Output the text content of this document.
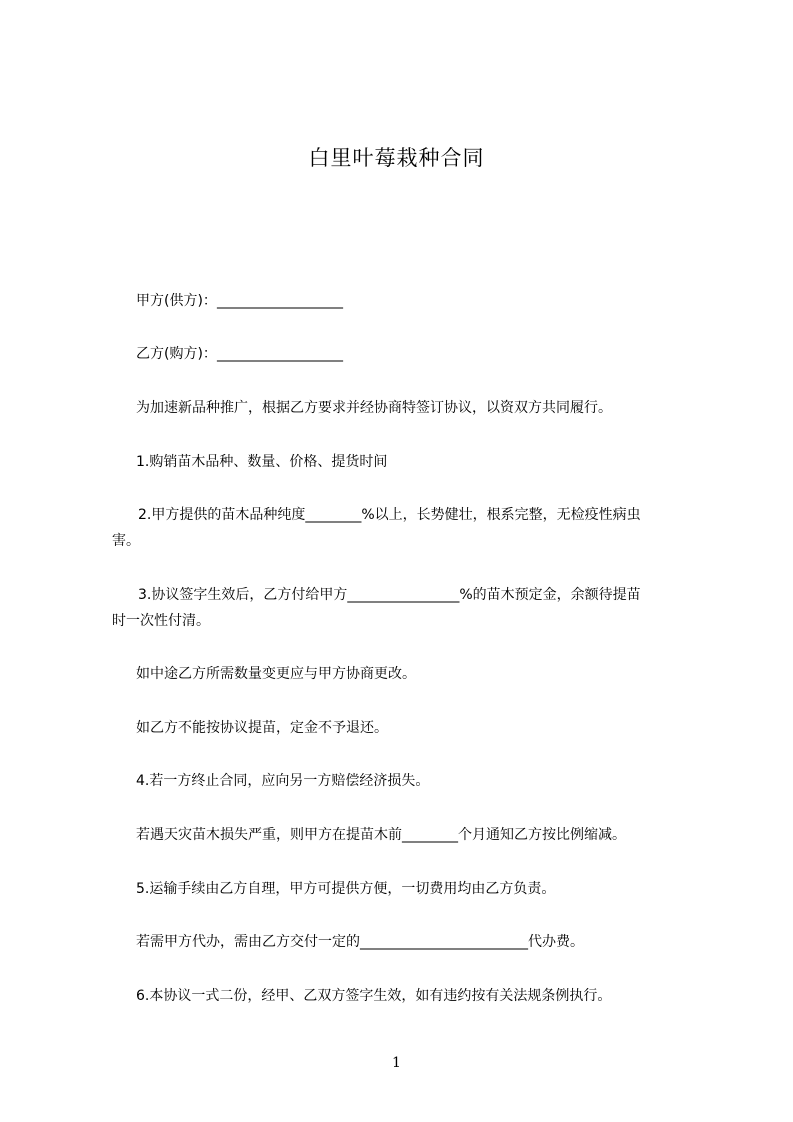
白里叶莓栽种合同
甲方(供方)：__________________
乙方(购方)：__________________
为加速新品种推广，根据乙方要求并经协商特签订协议，以资双方共同履行。
1.购销苗木品种、数量、价格、提货时间
2.甲方提供的苗木品种纯度________%以上，长势健壮，根系完整，无检疫性病虫
害。
3.协议签字生效后，乙方付给甲方________________%的苗木预定金，余额待提苗
时一次性付清。
如中途乙方所需数量变更应与甲方协商更改。
如乙方不能按协议提苗，定金不予退还。
4.若一方终止合同，应向另一方赔偿经济损失。
若遇天灾苗木损失严重，则甲方在提苗木前________个月通知乙方按比例缩减。
5.运输手续由乙方自理，甲方可提供方便，一切费用均由乙方负责。
若需甲方代办，需由乙方交付一定的________________________代办费。
6.本协议一式二份，经甲、乙双方签字生效，如有违约按有关法规条例执行。
1
